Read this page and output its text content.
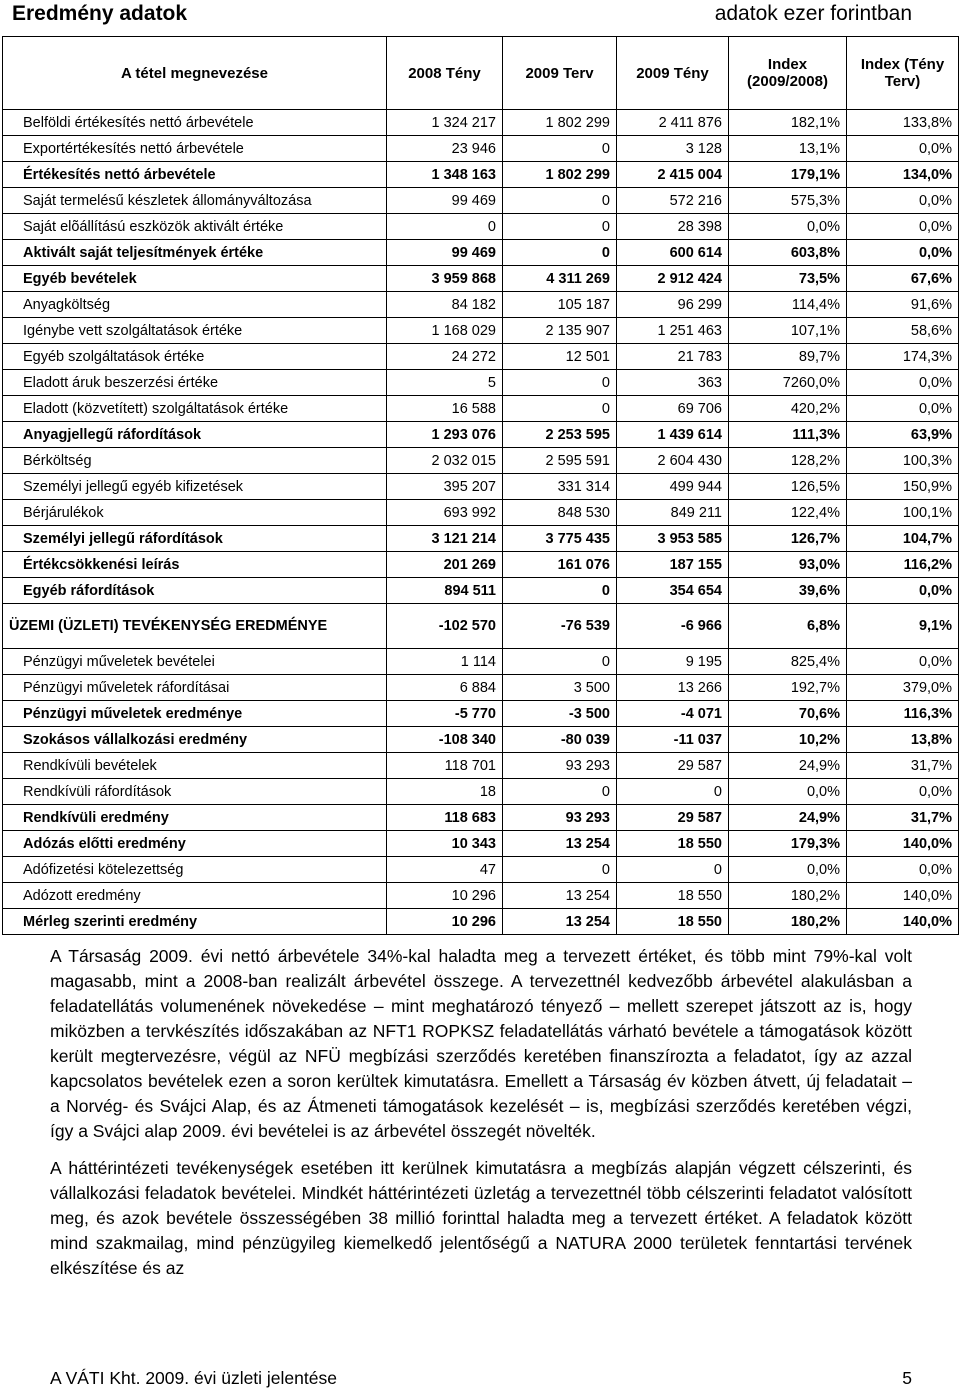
Eredmény adatok	adatok ezer forintban
A tétel megnevezése	2008 Tény	2009 Terv	2009 Tény	Index (2009/2008)	Index (Tény Terv)
Belföldi értékesítés nettó árbevétele	1 324 217	1 802 299	2 411 876	182,1%	133,8%
Exportértékesítés nettó árbevétele	23 946	0	3 128	13,1%	0,0%
Értékesítés nettó árbevétele	1 348 163	1 802 299	2 415 004	179,1%	134,0%
Saját termelésű készletek állományváltozása	99 469	0	572 216	575,3%	0,0%
Saját elõállítású eszközök aktivált értéke	0	0	28 398	0,0%	0,0%
Aktivált saját teljesítmények értéke	99 469	0	600 614	603,8%	0,0%
Egyéb bevételek	3 959 868	4 311 269	2 912 424	73,5%	67,6%
Anyagköltség	84 182	105 187	96 299	114,4%	91,6%
Igénybe vett szolgáltatások értéke	1 168 029	2 135 907	1 251 463	107,1%	58,6%
Egyéb szolgáltatások értéke	24 272	12 501	21 783	89,7%	174,3%
Eladott áruk beszerzési értéke	5	0	363	7260,0%	0,0%
Eladott (közvetített) szolgáltatások értéke	16 588	0	69 706	420,2%	0,0%
Anyagjellegű ráfordítások	1 293 076	2 253 595	1 439 614	111,3%	63,9%
Bérköltség	2 032 015	2 595 591	2 604 430	128,2%	100,3%
Személyi jellegű egyéb kifizetések	395 207	331 314	499 944	126,5%	150,9%
Bérjárulékok	693 992	848 530	849 211	122,4%	100,1%
Személyi jellegű ráfordítások	3 121 214	3 775 435	3 953 585	126,7%	104,7%
Értékcsökkenési leírás	201 269	161 076	187 155	93,0%	116,2%
Egyéb ráfordítások	894 511	0	354 654	39,6%	0,0%
ÜZEMI (ÜZLETI) TEVÉKENYSÉG EREDMÉNYE	-102 570	-76 539	-6 966	6,8%	9,1%
Pénzügyi műveletek bevételei	1 114	0	9 195	825,4%	0,0%
Pénzügyi műveletek ráfordításai	6 884	3 500	13 266	192,7%	379,0%
Pénzügyi műveletek eredménye	-5 770	-3 500	-4 071	70,6%	116,3%
Szokásos vállalkozási eredmény	-108 340	-80 039	-11 037	10,2%	13,8%
Rendkívüli bevételek	118 701	93 293	29 587	24,9%	31,7%
Rendkívüli ráfordítások	18	0	0	0,0%	0,0%
Rendkívüli eredmény	118 683	93 293	29 587	24,9%	31,7%
Adózás előtti eredmény	10 343	13 254	18 550	179,3%	140,0%
Adófizetési kötelezettség	47	0	0	0,0%	0,0%
Adózott eredmény	10 296	13 254	18 550	180,2%	140,0%
Mérleg szerinti eredmény	10 296	13 254	18 550	180,2%	140,0%

A Társaság 2009. évi nettó árbevétele 34%-kal haladta meg a tervezett értéket, és több mint 79%-kal volt magasabb, mint a 2008-ban realizált árbevétel összege. A tervezettnél kedvezőbb árbevétel alakulásban a feladatellátás volumenének növekedése – mint meghatározó tényező – mellett szerepet játszott az is, hogy miközben a tervkészítés időszakában az NFT1 ROPKSZ feladatellátás várható bevétele a támogatások között került megtervezésre, végül az NFÜ megbízási szerződés keretében finanszírozta a feladatot, így az azzal kapcsolatos bevételek ezen a soron kerültek kimutatásra. Emellett a Társaság év közben átvett, új feladatait – a Norvég- és Svájci Alap, és az Átmeneti támogatások kezelését – is, megbízási szerződés keretében végzi, így a Svájci alap 2009. évi bevételei is az árbevétel összegét növelték.

A háttérintézeti tevékenységek esetében itt kerülnek kimutatásra a megbízás alapján végzett célszerinti, és vállalkozási feladatok bevételei. Mindkét háttérintézeti üzletág a tervezettnél több célszerinti feladatot valósított meg, és azok bevétele összességében 38 millió forinttal haladta meg a tervezett értéket. A feladatok között mind szakmailag, mind pénzügyileg kiemelkedő jelentőségű a NATURA 2000 területek fenntartási tervének elkészítése és az

A VÁTI Kht. 2009. évi üzleti jelentése	5
